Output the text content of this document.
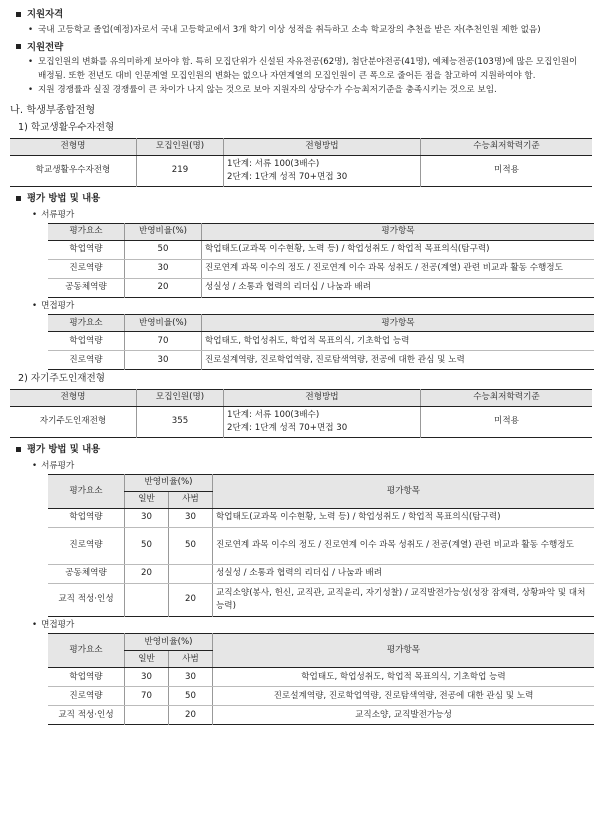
지원자격
• 국내 고등학교 졸업(예정)자로서 국내 고등학교에서 3개 학기 이상 성적을 취득하고 소속 학교장의 추천을 받은 자(추천인원 제한 없음)
지원전략
• 모집인원의 변화를 유의미하게 보아야 함. 특히 모집단위가 신설된 자유전공(62명), 첨단분야전공(41명), 예체능전공(103명)에 많은 모집인원이 배정됨. 또한 전년도 대비 인문계열 모집인원의 변화는 없으나 자연계열의 모집인원이 큰 폭으로 줄어든 점을 참고하여 지원하여야 함.
• 지원 경쟁률과 실질 경쟁률이 큰 차이가 나지 않는 것으로 보아 지원자의 상당수가 수능최저기준을 충족시키는 것으로 보임.
나. 학생부종합전형
1) 학교생활우수자전형
전형명	모집인원(명)	전형방법	수능최저학력기준
학교생활우수자전형	219	1단계: 서류 100(3배수)
2단계: 1단계 성적 70+면접 30	미적용
평가 방법 및 내용
• 서류평가
평가요소	반영비율(%)	평가항목
학업역량	50	학업태도(교과목 이수현황, 노력 등) / 학업성취도 / 학업적 목표의식(탐구력)
진로역량	30	진로연계 과목 이수의 정도 / 진로연계 이수 과목 성취도 / 전공(계열) 관련 비교과 활동 수행정도
공동체역량	20	성실성 / 소통과 협력의 리더십 / 나눔과 배려
• 면접평가
평가요소	반영비율(%)	평가항목
학업역량	70	학업태도, 학업성취도, 학업적 목표의식, 기초학업 능력
진로역량	30	진로설계역량, 진로학업역량, 진로탐색역량, 전공에 대한 관심 및 노력
2) 자기주도인재전형
전형명	모집인원(명)	전형방법	수능최저학력기준
자기주도인재전형	355	1단계: 서류 100(3배수)
2단계: 1단계 성적 70+면접 30	미적용
평가 방법 및 내용
• 서류평가
평가요소	반영비율(%)		평가항목
	일반	사범	
학업역량	30	30	학업태도(교과목 이수현황, 노력 등) / 학업성취도 / 학업적 목표의식(탐구력)
진로역량	50	50	진로연계 과목 이수의 정도 / 진로연계 이수 과목 성취도 / 전공(계열) 관련 비교과 활동 수행정도
공동체역량	20		성실성 / 소통과 협력의 리더십 / 나눔과 배려
교직 적성·인성		20	교직소양(봉사, 헌신, 교직관, 교직윤리, 자기성찰) / 교직발전가능성(성장 잠재력, 상황파악 및 대처능력)
• 면접평가
평가요소	반영비율(%)		평가항목
	일반	사범	
학업역량	30	30	학업태도, 학업성취도, 학업적 목표의식, 기초학업 능력
진로역량	70	50	진로설계역량, 진로학업역량, 진로탐색역량, 전공에 대한 관심 및 노력
교직 적성·인성		20	교직소양, 교직발전가능성
